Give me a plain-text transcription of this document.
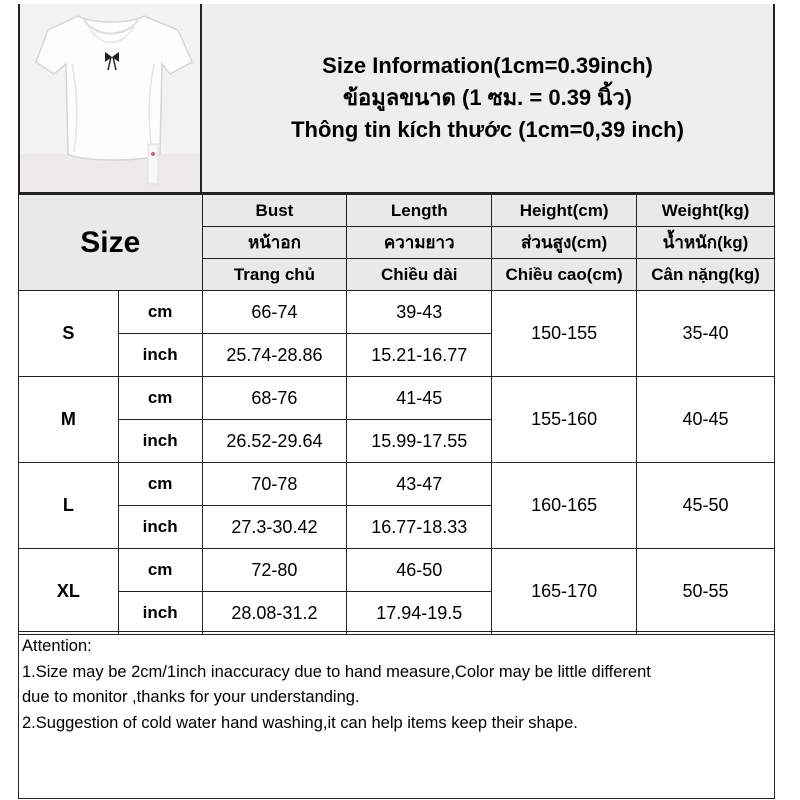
Size Information(1cm=0.39inch)
ข้อมูลขนาด (1 ซม. = 0.39 นิ้ว)
Thông tin kích thước (1cm=0,39 inch)
Size		Bust	Length	Height(cm)	Weight(kg)
		หน้าอก	ความยาว	ส่วนสูง(cm)	น้ำหนัก(kg)
		Trang chủ	Chiều dài	Chiều cao(cm)	Cân nặng(kg)
S	cm	66-74	39-43	150-155	35-40
	inch	25.74-28.86	15.21-16.77		
M	cm	68-76	41-45	155-160	40-45
	inch	26.52-29.64	15.99-17.55		
L	cm	70-78	43-47	160-165	45-50
	inch	27.3-30.42	16.77-18.33		
XL	cm	72-80	46-50	165-170	50-55
	inch	28.08-31.2	17.94-19.5		
Attention:
1.Size may be 2cm/1inch inaccuracy due to hand measure,Color may be little different
due to monitor ,thanks for your understanding.
2.Suggestion of cold water hand washing,it can help items keep their shape.
